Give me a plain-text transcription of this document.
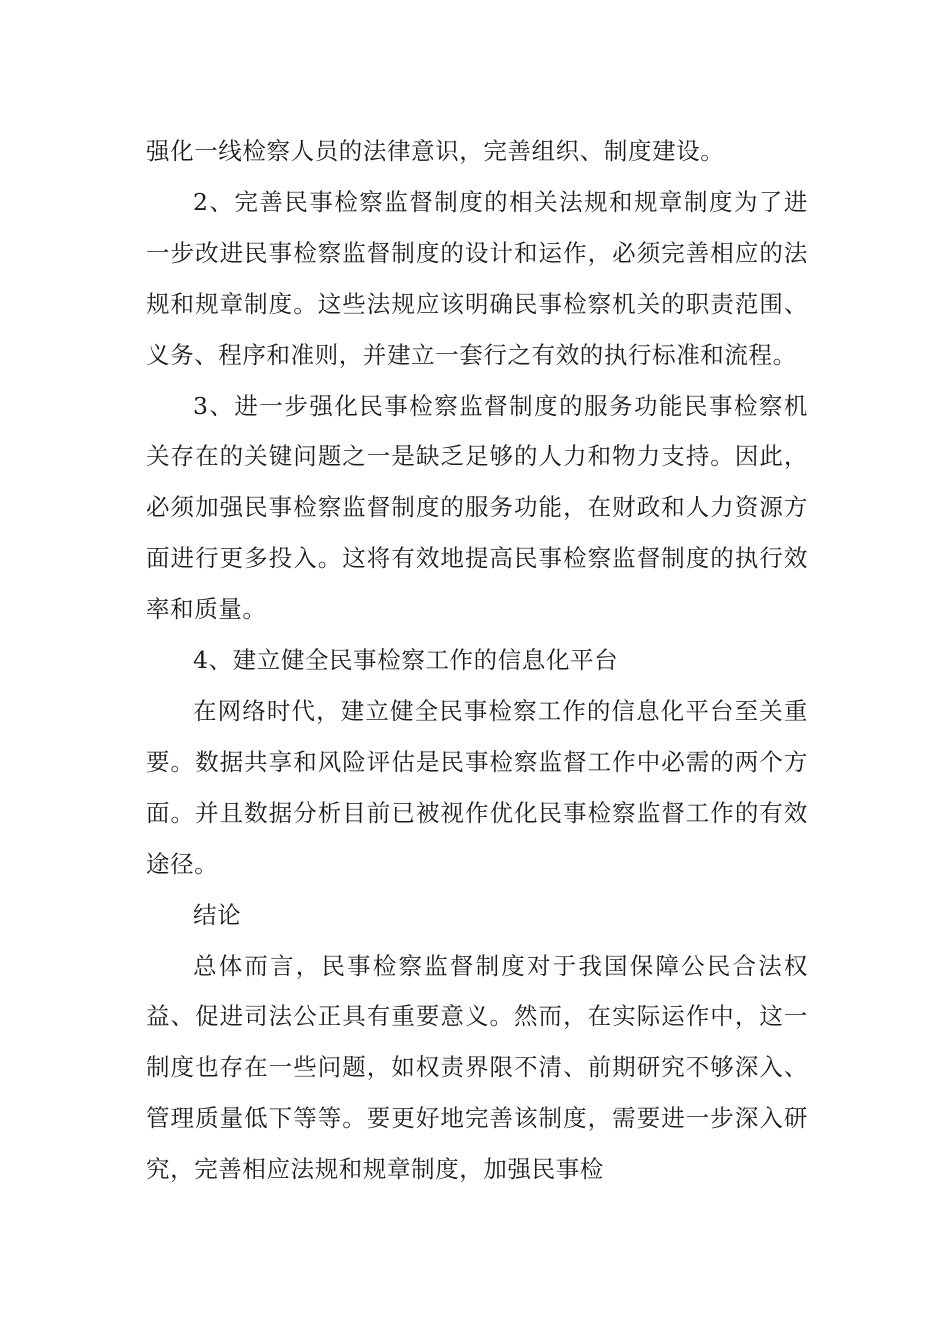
强化一线检察人员的法律意识，完善组织、制度建设。

2、完善民事检察监督制度的相关法规和规章制度为了进一步改进民事检察监督制度的设计和运作，必须完善相应的法规和规章制度。这些法规应该明确民事检察机关的职责范围、义务、程序和准则，并建立一套行之有效的执行标准和流程。

3、进一步强化民事检察监督制度的服务功能民事检察机关存在的关键问题之一是缺乏足够的人力和物力支持。因此，必须加强民事检察监督制度的服务功能，在财政和人力资源方面进行更多投入。这将有效地提高民事检察监督制度的执行效率和质量。

4、建立健全民事检察工作的信息化平台

在网络时代，建立健全民事检察工作的信息化平台至关重要。数据共享和风险评估是民事检察监督工作中必需的两个方面。并且数据分析目前已被视作优化民事检察监督工作的有效途径。

结论

总体而言，民事检察监督制度对于我国保障公民合法权益、促进司法公正具有重要意义。然而，在实际运作中，这一制度也存在一些问题，如权责界限不清、前期研究不够深入、管理质量低下等等。要更好地完善该制度，需要进一步深入研究，完善相应法规和规章制度，加强民事检
